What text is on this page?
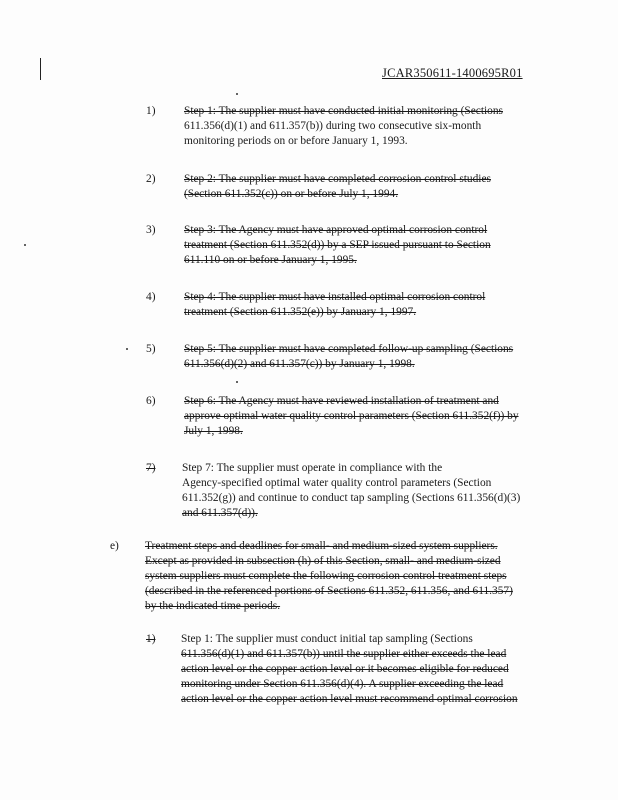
JCAR350611-1400695R01
1)	Step 1: The supplier must have conducted initial monitoring (Sections
611.356(d)(1) and 611.357(b)) during two consecutive six-month
monitoring periods on or before January 1, 1993.
2)	Step 2: The supplier must have completed corrosion control studies
(Section 611.352(c)) on or before July 1, 1994.
3)	Step 3: The Agency must have approved optimal corrosion control
treatment (Section 611.352(d)) by a SEP issued pursuant to Section
611.110 on or before January 1, 1995.
4)	Step 4: The supplier must have installed optimal corrosion control
treatment (Section 611.352(e)) by January 1, 1997.
5)	Step 5: The supplier must have completed follow-up sampling (Sections
611.356(d)(2) and 611.357(c)) by January 1, 1998.
6)	Step 6: The Agency must have reviewed installation of treatment and
approve optimal water quality control parameters (Section 611.352(f)) by
July 1, 1998.
7) Step 7: The supplier must operate in compliance with the
Agency-specified optimal water quality control parameters (Section
611.352(g)) and continue to conduct tap sampling (Sections 611.356(d)(3)
and 611.357(d)).
e) Treatment steps and deadlines for small- and medium-sized system suppliers.
Except as provided in subsection (h) of this Section, small- and medium-sized
system suppliers must complete the following corrosion control treatment steps
(described in the referenced portions of Sections 611.352, 611.356, and 611.357)
by the indicated time periods.
1) Step 1: The supplier must conduct initial tap sampling (Sections
611.356(d)(1) and 611.357(b)) until the supplier either exceeds the lead
action level or the copper action level or it becomes eligible for reduced
monitoring under Section 611.356(d)(4). A supplier exceeding the lead
action level or the copper action level must recommend optimal corrosion
